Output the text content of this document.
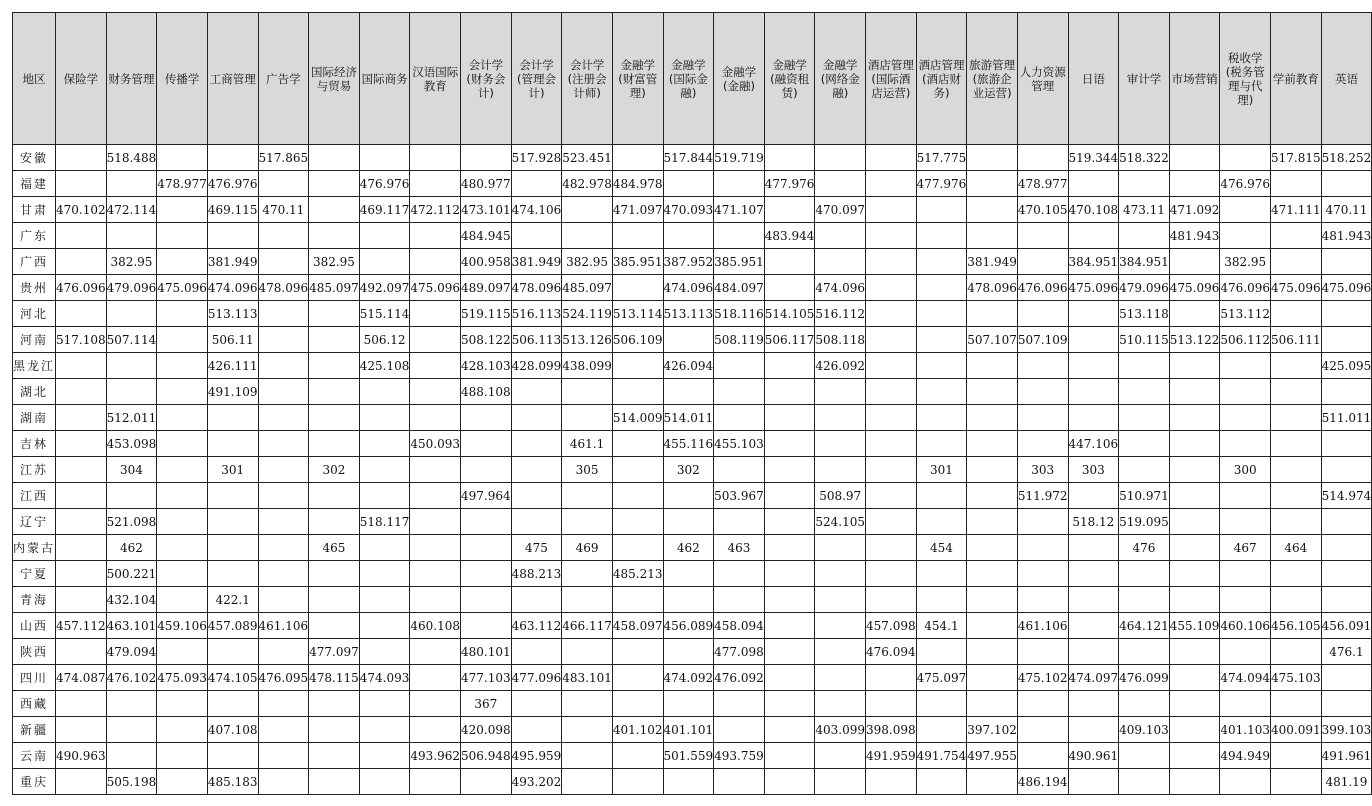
地区	保险学	财务管理	传播学	工商管理	广告学	国际经济与贸易	国际商务	汉语国际教育	会计学(财务会计)	会计学(管理会计)	会计学(注册会计师)	金融学(财富管理)	金融学(国际金融)	金融学(金融)	金融学(融资租赁)	金融学(网络金融)	酒店管理(国际酒店运营)	酒店管理(酒店财务)	旅游管理(旅游企业运营)	人力资源管理	日语	审计学	市场营销	税收学(税务管理与代理)	学前教育	英语
安徽		518.488			517.865					517.928	523.451		517.844	519.719				517.775			519.344	518.322			517.815	518.252
福建			478.977	476.976			476.976		480.977		482.978	484.978			477.976			477.976		478.977				476.976		
甘肃	470.102	472.114		469.115	470.11		469.117	472.112	473.101	474.106		471.097	470.093	471.107		470.097				470.105	470.108	473.11	471.092		471.111	470.11
广东									484.945						483.944								481.943			481.943
广西		382.95		381.949		382.95			400.958	381.949	382.95	385.951	387.952	385.951					381.949		384.951	384.951		382.95		
贵州	476.096	479.096	475.096	474.096	478.096	485.097	492.097	475.096	489.097	478.096	485.097		474.096	484.097		474.096			478.096	476.096	475.096	479.096	475.096	476.096	475.096	475.096
河北				513.113			515.114		519.115	516.113	524.119	513.114	513.113	518.116	514.105	516.112						513.118		513.112		
河南	517.108	507.114		506.11			506.12		508.122	506.113	513.126	506.109		508.119	506.117	508.118			507.107	507.109		510.115	513.122	506.112	506.111	
黑龙江				426.111			425.108		428.103	428.099	438.099		426.094			426.092										425.095
湖北				491.109					488.108																	
湖南		512.011										514.009	514.011													511.011
吉林		453.098						450.093			461.1		455.116	455.103							447.106					
江苏		304		301		302					305		302					301		303	303			300		
江西									497.964					503.967		508.97				511.972		510.971				514.974
辽宁		521.098					518.117									524.105					518.12	519.095				
内蒙古		462				465				475	469		462	463				454				476		467	464	
宁夏		500.221								488.213		485.213														
青海		432.104		422.1																						
山西	457.112	463.101	459.106	457.089	461.106			460.108		463.112	466.117	458.097	456.089	458.094			457.098	454.1		461.106		464.121	455.109	460.106	456.105	456.091
陕西		479.094				477.097			480.101					477.098			476.094									476.1
四川	474.087	476.102	475.093	474.105	476.095	478.115	474.093		477.103	477.096	483.101		474.092	476.092				475.097		475.102	474.097	476.099		474.094	475.103	
西藏									367																	
新疆				407.108					420.098			401.102	401.101			403.099	398.098		397.102			409.103		401.103	400.091	399.103
云南	490.963							493.962	506.948	495.959			501.559	493.759			491.959	491.754	497.955		490.961			494.949		491.961
重庆		505.198		485.183						493.202										486.194						481.19
